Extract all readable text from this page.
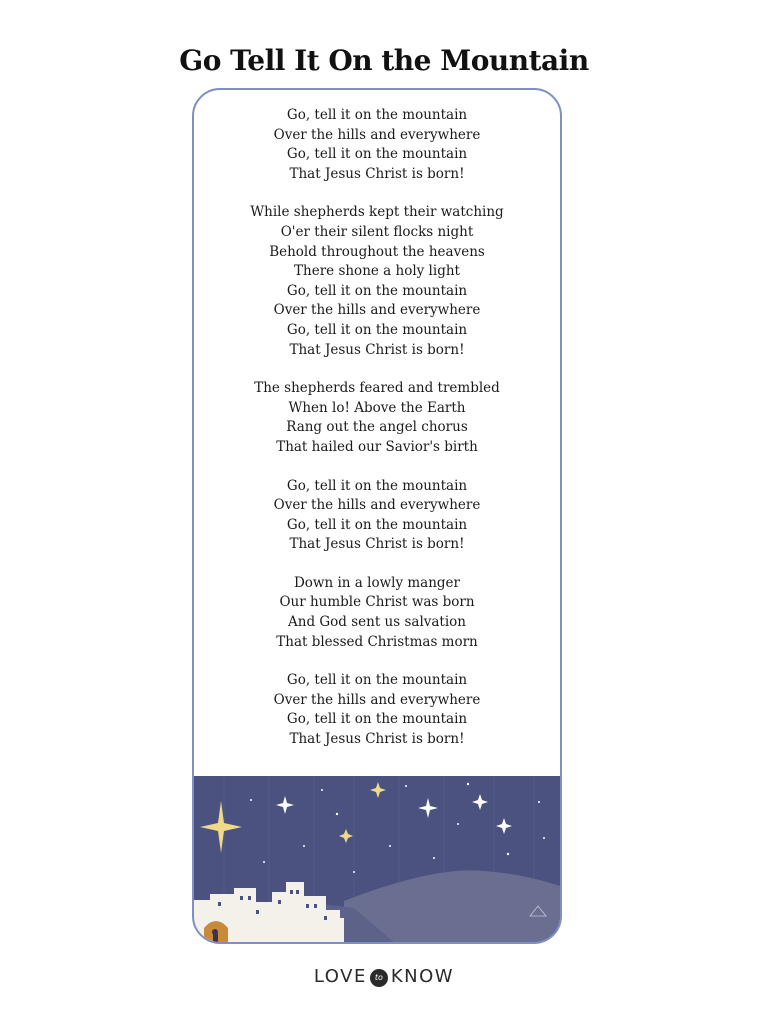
Go Tell It On the Mountain
Go, tell it on the mountain
Over the hills and everywhere
Go, tell it on the mountain
That Jesus Christ is born!
While shepherds kept their watching
O'er their silent flocks night
Behold throughout the heavens
There shone a holy light
Go, tell it on the mountain
Over the hills and everywhere
Go, tell it on the mountain
That Jesus Christ is born!
The shepherds feared and trembled
When lo! Above the Earth
Rang out the angel chorus
That hailed our Savior's birth
Go, tell it on the mountain
Over the hills and everywhere
Go, tell it on the mountain
That Jesus Christ is born!
Down in a lowly manger
Our humble Christ was born
And God sent us salvation
That blessed Christmas morn
Go, tell it on the mountain
Over the hills and everywhere
Go, tell it on the mountain
That Jesus Christ is born!
LOVE to KNOW
